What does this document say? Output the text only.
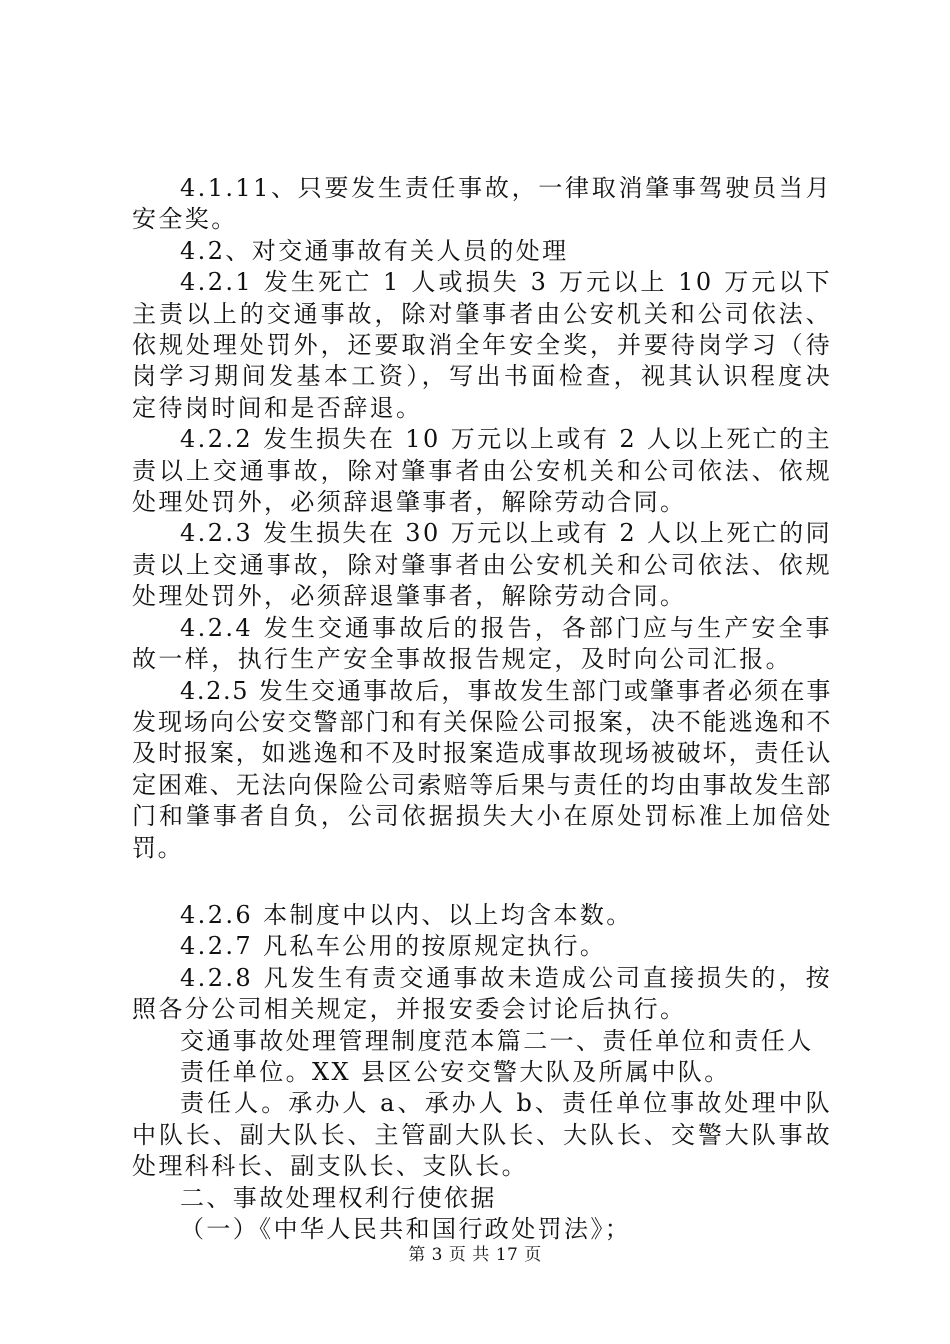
4.1.11、只要发生责任事故，一律取消肇事驾驶员当月安全奖。

4.2、对交通事故有关人员的处理

4.2.1 发生死亡 1 人或损失 3 万元以上 10 万元以下主责以上的交通事故，除对肇事者由公安机关和公司依法、依规处理处罚外，还要取消全年安全奖，并要待岗学习（待岗学习期间发基本工资），写出书面检查，视其认识程度决定待岗时间和是否辞退。

4.2.2 发生损失在 10 万元以上或有 2 人以上死亡的主责以上交通事故，除对肇事者由公安机关和公司依法、依规处理处罚外，必须辞退肇事者，解除劳动合同。

4.2.3 发生损失在 30 万元以上或有 2 人以上死亡的同责以上交通事故，除对肇事者由公安机关和公司依法、依规处理处罚外，必须辞退肇事者，解除劳动合同。

4.2.4 发生交通事故后的报告，各部门应与生产安全事故一样，执行生产安全事故报告规定，及时向公司汇报。

4.2.5 发生交通事故后，事故发生部门或肇事者必须在事发现场向公安交警部门和有关保险公司报案，决不能逃逸和不及时报案，如逃逸和不及时报案造成事故现场被破坏，责任认定困难、无法向保险公司索赔等后果与责任的均由事故发生部门和肇事者自负，公司依据损失大小在原处罚标准上加倍处罚。

4.2.6 本制度中以内、以上均含本数。

4.2.7 凡私车公用的按原规定执行。

4.2.8 凡发生有责交通事故未造成公司直接损失的，按照各分公司相关规定，并报安委会讨论后执行。

交通事故处理管理制度范本篇二一、责任单位和责任人

责任单位。XX 县区公安交警大队及所属中队。

责任人。承办人 a、承办人 b、责任单位事故处理中队中队长、副大队长、主管副大队长、大队长、交警大队事故处理科科长、副支队长、支队长。

二、事故处理权利行使依据

（一）《中华人民共和国行政处罚法》；

第 3 页 共 17 页
